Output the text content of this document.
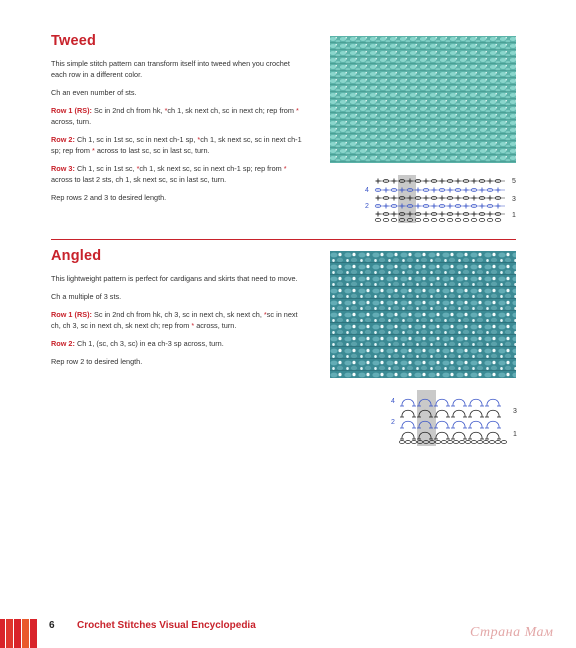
Tweed

This simple stitch pattern can transform itself into tweed when you crochet each row in a different color.

Ch an even number of sts.

Row 1 (RS): Sc in 2nd ch from hk, *ch 1, sk next ch, sc in next ch; rep from * across, turn.

Row 2: Ch 1, sc in 1st sc, sc in next ch-1 sp, *ch 1, sk next sc, sc in next ch-1 sp; rep from * across to last sc, sc in last sc, turn.

Row 3: Ch 1, sc in 1st sc, *ch 1, sk next sc, sc in next ch-1 sp; rep from * across to last 2 sts, ch 1, sk next sc, sc in last sc, turn.

Rep rows 2 and 3 to desired length.

5
4
3
2
1
Angled

This lightweight pattern is perfect for cardigans and skirts that need to move.

Ch a multiple of 3 sts.

Row 1 (RS): Sc in 2nd ch from hk, ch 3, sc in next ch, sk next ch, *sc in next ch, ch 3, sc in next ch, sk next ch; rep from * across, turn.

Row 2: Ch 1, (sc, ch 3, sc) in ea ch-3 sp across, turn.

Rep row 2 to desired length.

4
3
2
1
6 Crochet Stitches Visual Encyclopedia	Страна Мам
